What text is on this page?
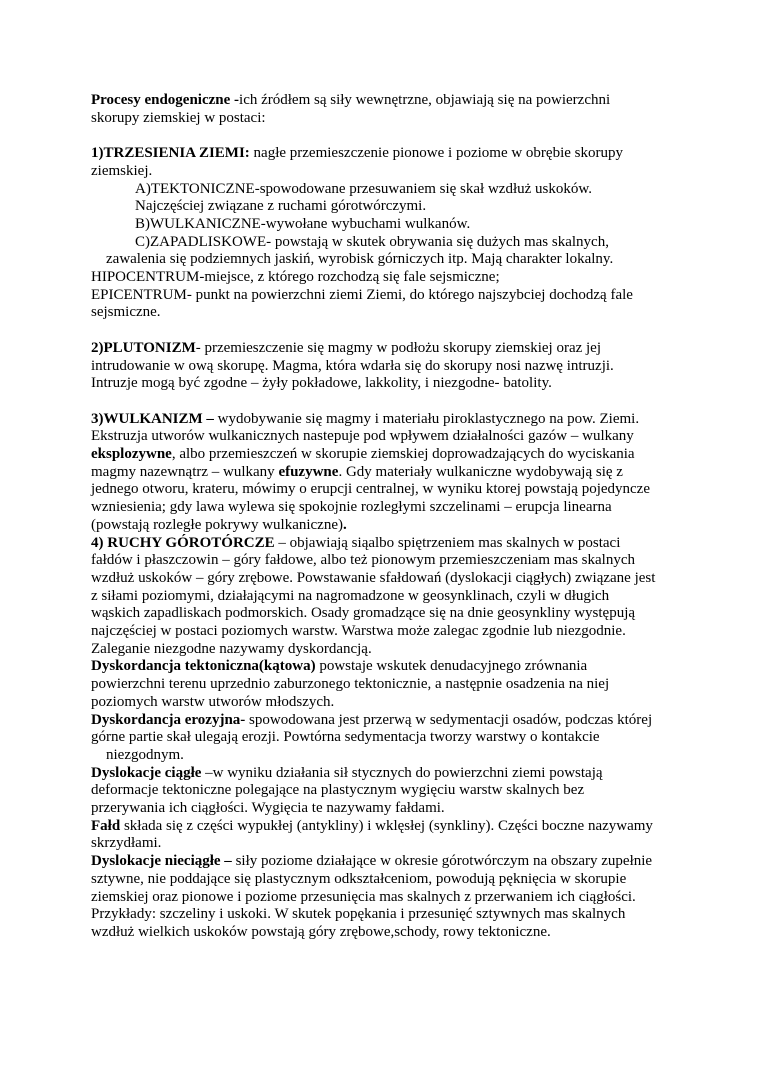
Procesy endogeniczne -ich źródłem są siły wewnętrzne, objawiają się na powierzchni

skorupy ziemskiej w postaci:

1)TRZESIENIA ZIEMI: nagłe przemieszczenie pionowe i poziome w obrębie skorupy

ziemskiej.

A)TEKTONICZNE-spowodowane przesuwaniem się skał wzdłuż uskoków.

Najczęściej związane z ruchami górotwórczymi.

B)WULKANICZNE-wywołane wybuchami wulkanów.

C)ZAPADLISKOWE- powstają w skutek obrywania się dużych mas skalnych,

zawalenia się podziemnych jaskiń, wyrobisk górniczych itp. Mają charakter lokalny.

HIPOCENTRUM-miejsce, z którego rozchodzą się fale sejsmiczne;

EPICENTRUM- punkt na powierzchni ziemi Ziemi, do którego najszybciej dochodzą fale

sejsmiczne.

2)PLUTONIZM- przemieszczenie się magmy w podłożu skorupy ziemskiej oraz jej

intrudowanie w ową skorupę. Magma, która wdarła się do skorupy nosi nazwę intruzji.

Intruzje mogą być zgodne – żyły pokładowe, lakkolity, i niezgodne- batolity.

3)WULKANIZM – wydobywanie się magmy i materiału piroklastycznego na pow. Ziemi.

Ekstruzja utworów wulkanicznych nastepuje pod wpływem działalności gazów – wulkany

eksplozywne, albo przemieszczeń w skorupie ziemskiej doprowadzających do wyciskania

magmy nazewnątrz – wulkany efuzywne. Gdy materiały wulkaniczne wydobywają się z

jednego otworu, krateru, mówimy o erupcji centralnej, w wyniku ktorej powstają pojedyncze

wzniesienia; gdy lawa wylewa się spokojnie rozległymi szczelinami – erupcja linearna

(powstają rozległe pokrywy wulkaniczne).

4) RUCHY GÓROTÓRCZE – objawiają siąalbo spiętrzeniem mas skalnych w postaci

fałdów i płaszczowin – góry fałdowe, albo też pionowym przemieszczeniam mas skalnych

wzdłuż uskoków – góry zrębowe. Powstawanie sfałdowań (dyslokacji ciągłych) związane jest

z siłami poziomymi, działającymi na nagromadzone w geosynklinach, czyli w długich

wąskich zapadliskach podmorskich. Osady gromadzące się na dnie geosynkliny występują

najczęściej w postaci poziomych warstw. Warstwa może zalegac zgodnie lub niezgodnie.

Zaleganie niezgodne nazywamy dyskordancją.

Dyskordancja tektoniczna(kątowa) powstaje wskutek denudacyjnego zrównania

powierzchni terenu uprzednio zaburzonego tektonicznie, a następnie osadzenia na niej

poziomych warstw utworów młodszych.

Dyskordancja erozyjna- spowodowana jest przerwą w sedymentacji osadów, podczas której

górne partie skał ulegają erozji. Powtórna sedymentacja tworzy warstwy o kontakcie

niezgodnym.

Dyslokacje ciągłe –w wyniku działania sił stycznych do powierzchni ziemi powstają

deformacje tektoniczne polegające na plastycznym wygięciu warstw skalnych bez

przerywania ich ciągłości. Wygięcia te nazywamy fałdami.

Fałd składa się z części wypukłej (antykliny) i wklęsłej (synkliny). Części boczne nazywamy

skrzydłami.

Dyslokacje nieciągłe – siły poziome działające w okresie górotwórczym na obszary zupełnie

sztywne, nie poddające się plastycznym odkształceniom, powodują pęknięcia w skorupie

ziemskiej oraz pionowe i poziome przesunięcia mas skalnych z przerwaniem ich ciągłości.

Przykłady: szczeliny i uskoki. W skutek popękania i przesunięć sztywnych mas skalnych

wzdłuż wielkich uskoków powstają góry zrębowe,schody, rowy tektoniczne.
